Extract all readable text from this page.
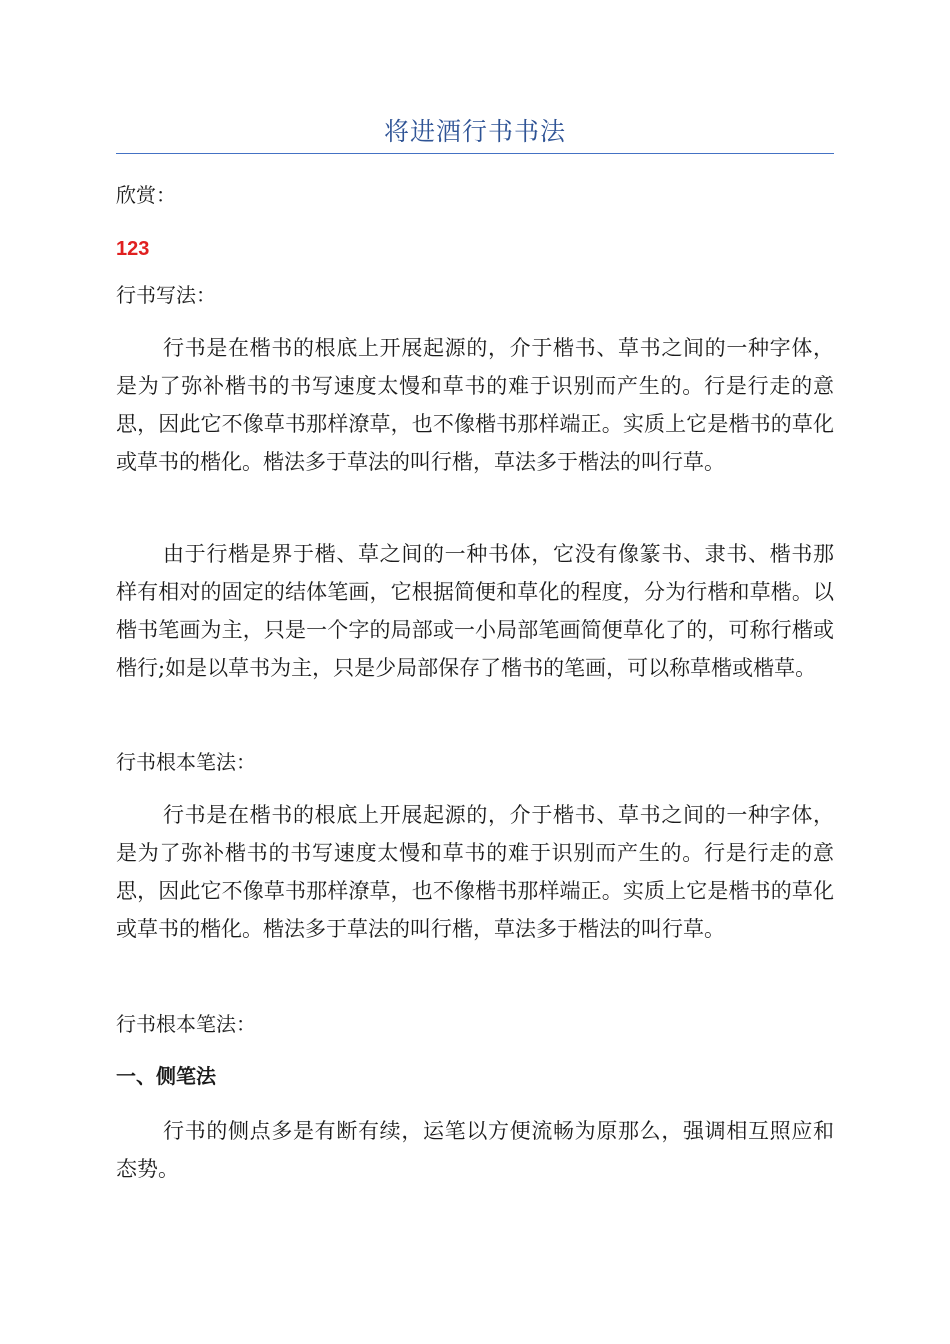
将进酒行书书法
欣赏：
123
行书写法：
行书是在楷书的根底上开展起源的，介于楷书、草书之间的一种字体，是为了弥补楷书的书写速度太慢和草书的难于识别而产生的。行是行走的意思，因此它不像草书那样潦草，也不像楷书那样端正。实质上它是楷书的草化或草书的楷化。楷法多于草法的叫行楷，草法多于楷法的叫行草。
由于行楷是界于楷、草之间的一种书体，它没有像篆书、隶书、楷书那样有相对的固定的结体笔画，它根据简便和草化的程度，分为行楷和草楷。以楷书笔画为主，只是一个字的局部或一小局部笔画简便草化了的，可称行楷或楷行;如是以草书为主，只是少局部保存了楷书的笔画，可以称草楷或楷草。
行书根本笔法：
行书是在楷书的根底上开展起源的，介于楷书、草书之间的一种字体，是为了弥补楷书的书写速度太慢和草书的难于识别而产生的。行是行走的意思，因此它不像草书那样潦草，也不像楷书那样端正。实质上它是楷书的草化或草书的楷化。楷法多于草法的叫行楷，草法多于楷法的叫行草。
行书根本笔法：
一、侧笔法
行书的侧点多是有断有续，运笔以方便流畅为原那么，强调相互照应和态势。
